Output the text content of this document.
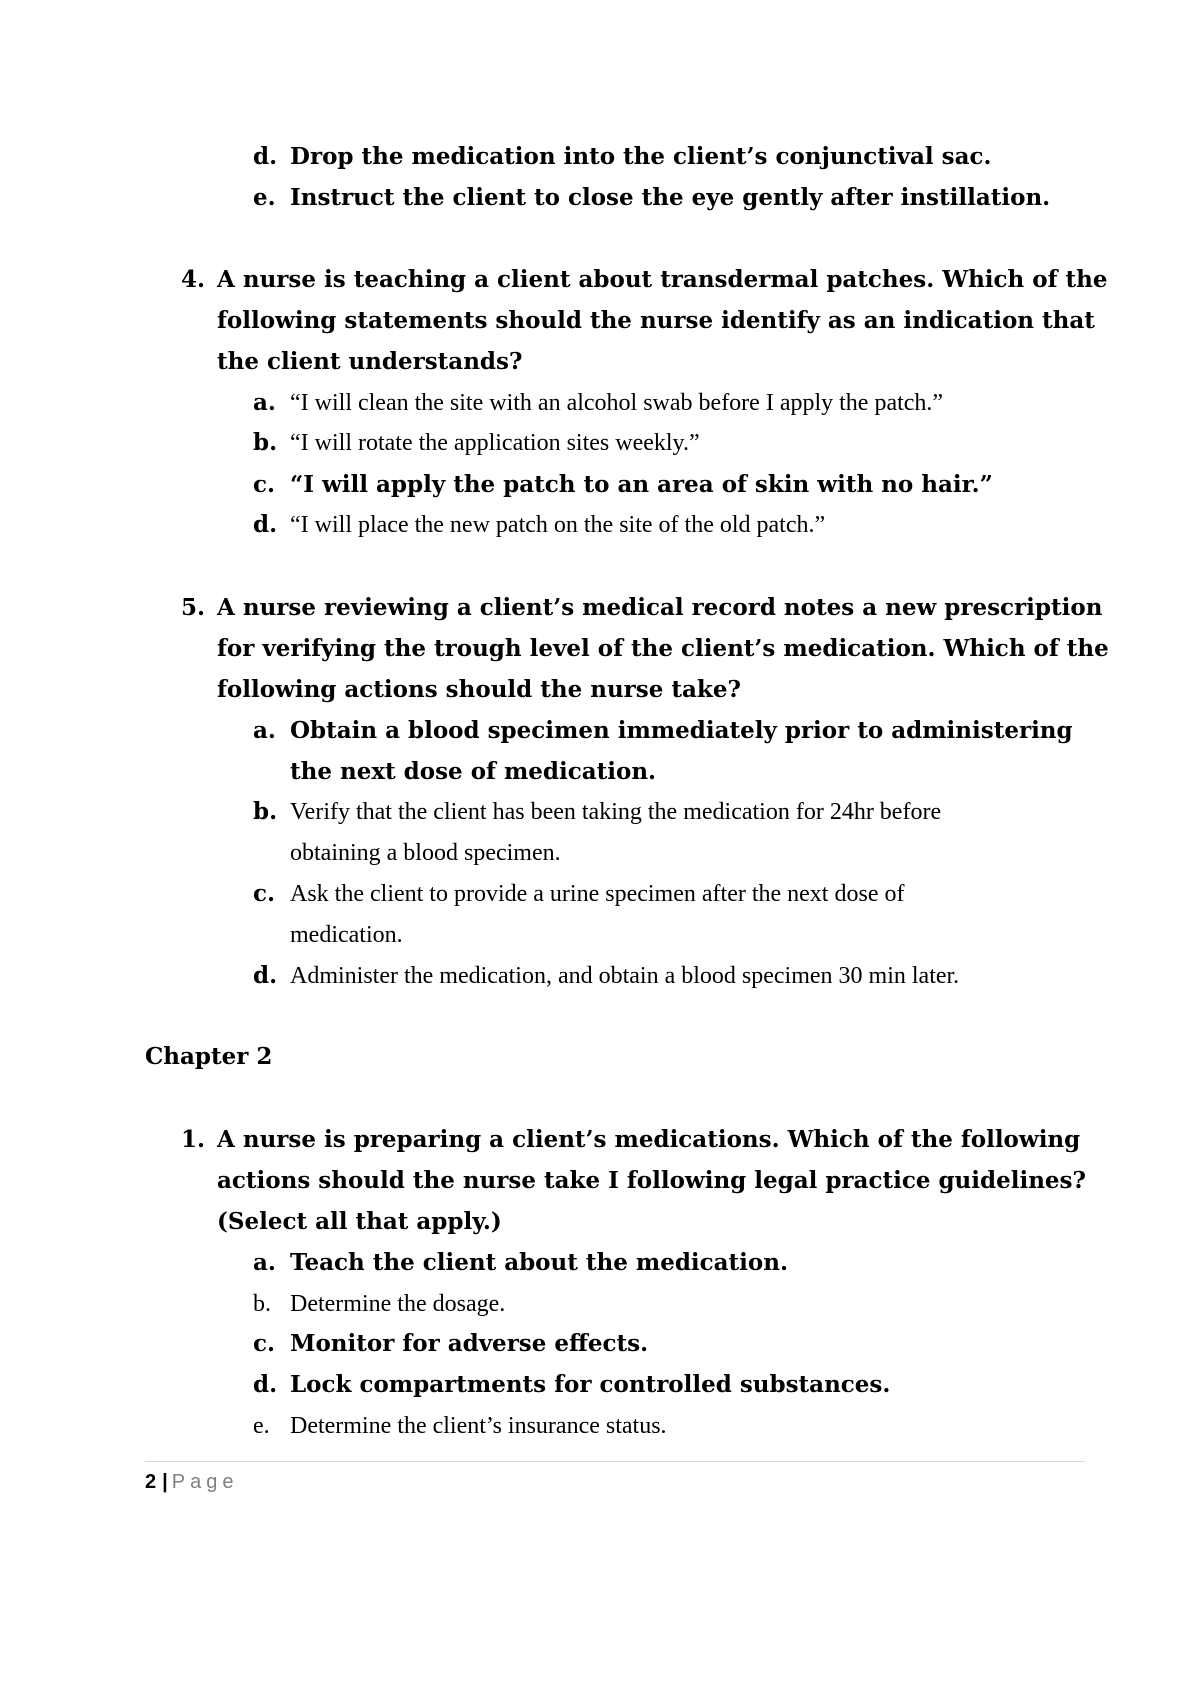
d. Drop the medication into the client’s conjunctival sac.
e. Instruct the client to close the eye gently after instillation.
4. A nurse is teaching a client about transdermal patches. Which of the
following statements should the nurse identify as an indication that
the client understands?
a. “I will clean the site with an alcohol swab before I apply the patch.”
b. “I will rotate the application sites weekly.”
c. “I will apply the patch to an area of skin with no hair.”
d. “I will place the new patch on the site of the old patch.”
5. A nurse reviewing a client’s medical record notes a new prescription
for verifying the trough level of the client’s medication. Which of the
following actions should the nurse take?
a. Obtain a blood specimen immediately prior to administering
the next dose of medication.
b. Verify that the client has been taking the medication for 24hr before
obtaining a blood specimen.
c. Ask the client to provide a urine specimen after the next dose of
medication.
d. Administer the medication, and obtain a blood specimen 30 min later.
Chapter 2
1. A nurse is preparing a client’s medications. Which of the following
actions should the nurse take I following legal practice guidelines?
(Select all that apply.)
a. Teach the client about the medication.
b. Determine the dosage.
c. Monitor for adverse effects.
d. Lock compartments for controlled substances.
e. Determine the client’s insurance status.
2 | Page
